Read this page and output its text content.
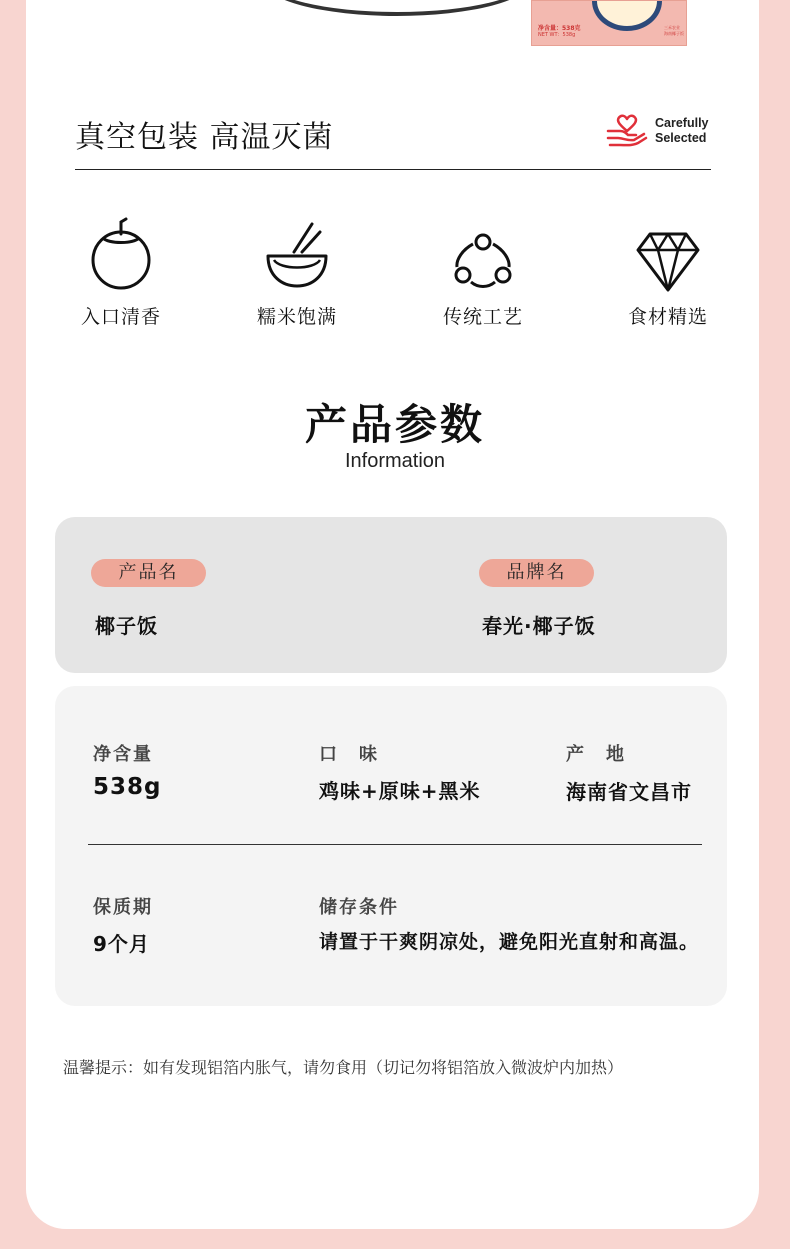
净含量：538克
NET WT：538g
三禾农业 海南椰子饭
真空包装 高温灭菌	Carefully
Selected
入口清香	糯米饱满	传统工艺	食材精选
产品参数
Information
产品名
椰子饭
品牌名
春光·椰子饭
净含量
538g
口　味
鸡味+原味+黑米
产　地
海南省文昌市
保质期
9个月
储存条件
请置于干爽阴凉处，避免阳光直射和高温。
温馨提示：如有发现铝箔内胀气，请勿食用（切记勿将铝箔放入微波炉内加热）
